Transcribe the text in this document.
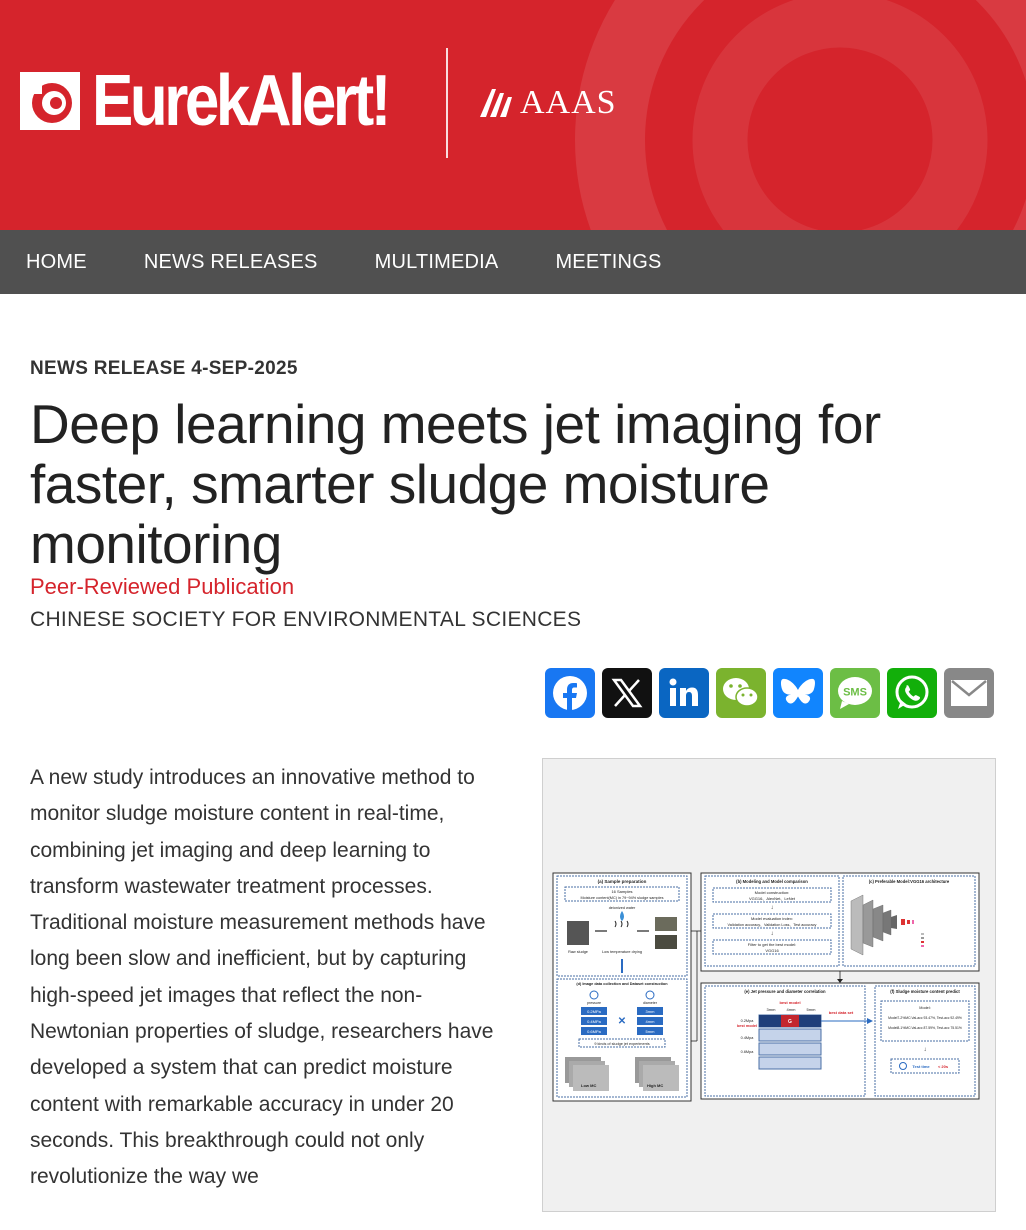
EurekAlert!	AAAS
HOME	NEWS RELEASES	MULTIMEDIA	MEETINGS
NEWS RELEASE 4-SEP-2025
Deep learning meets jet imaging for faster, smarter sludge moisture monitoring
Peer-Reviewed Publication
CHINESE SOCIETY FOR ENVIRONMENTAL SCIENCES
SMS

A new study introduces an innovative method to monitor sludge moisture content in real-time, combining jet imaging and deep learning to transform wastewater treatment processes. Traditional moisture measurement methods have long been slow and inefficient, but by capturing high-speed jet images that reflect the non-Newtonian properties of sludge, researchers have developed a system that can predict moisture content with remarkable accuracy in under 20 seconds. This breakthrough could not only revolutionize the way we

(a) Sample preparation
16 Samples
Moisture content(MC) in 79~94% sludge samples
deionized water
Raw sludge	Low temperature drying
(d) Image data collection and Dataset construction
pressure	diameter
0.2MPa
0.4MPa
0.6MPa
✕
3mm
4mm
5mm
9 kinds of sludge jet experiments
Low MC	High MC
(b) Modeling and Model comparison
Model construction:
VGG16、AlexNet、LeNet
↓
Model evaluation index:
Validation accuracy、Validation Loss、Test accuracy
↓
Filter to get the best model:
VGG16
(c) Preferable Model:VGG16 architecture
(e) Jet pressure and diameter correlation
best model
3mm	4mm	5mm
G
0.2Mpa
best model
0.4Mpa
0.6Mpa
best data set
(f) Sludge moisture content predict
Model:
Model7-2%MC:Val-acc 93.47%, Test-acc 92.49%
Model8-1%MC:Val-acc 87.59%, Test-acc 75.51%
↓
Test time < 20s
